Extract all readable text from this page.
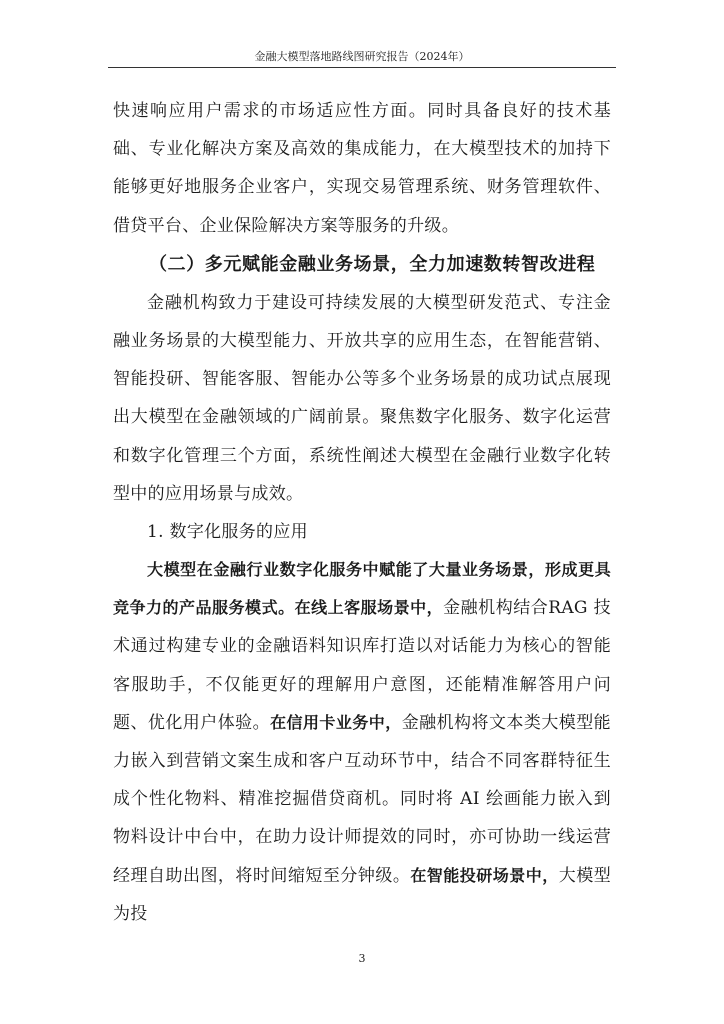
金融大模型落地路线图研究报告（2024年）

快速响应用户需求的市场适应性方面。同时具备良好的技术基础、专业化解决方案及高效的集成能力，在大模型技术的加持下能够更好地服务企业客户，实现交易管理系统、财务管理软件、借贷平台、企业保险解决方案等服务的升级。

（二）多元赋能金融业务场景，全力加速数转智改进程

金融机构致力于建设可持续发展的大模型研发范式、专注金融业务场景的大模型能力、开放共享的应用生态，在智能营销、智能投研、智能客服、智能办公等多个业务场景的成功试点展现出大模型在金融领域的广阔前景。聚焦数字化服务、数字化运营和数字化管理三个方面，系统性阐述大模型在金融行业数字化转型中的应用场景与成效。

1. 数字化服务的应用

大模型在金融行业数字化服务中赋能了大量业务场景，形成更具竞争力的产品服务模式。在线上客服场景中，金融机构结合RAG 技术通过构建专业的金融语料知识库打造以对话能力为核心的智能客服助手，不仅能更好的理解用户意图，还能精准解答用户问题、优化用户体验。在信用卡业务中，金融机构将文本类大模型能力嵌入到营销文案生成和客户互动环节中，结合不同客群特征生成个性化物料、精准挖掘借贷商机。同时将 AI 绘画能力嵌入到物料设计中台中，在助力设计师提效的同时，亦可协助一线运营经理自助出图，将时间缩短至分钟级。在智能投研场景中，大模型为投

3
